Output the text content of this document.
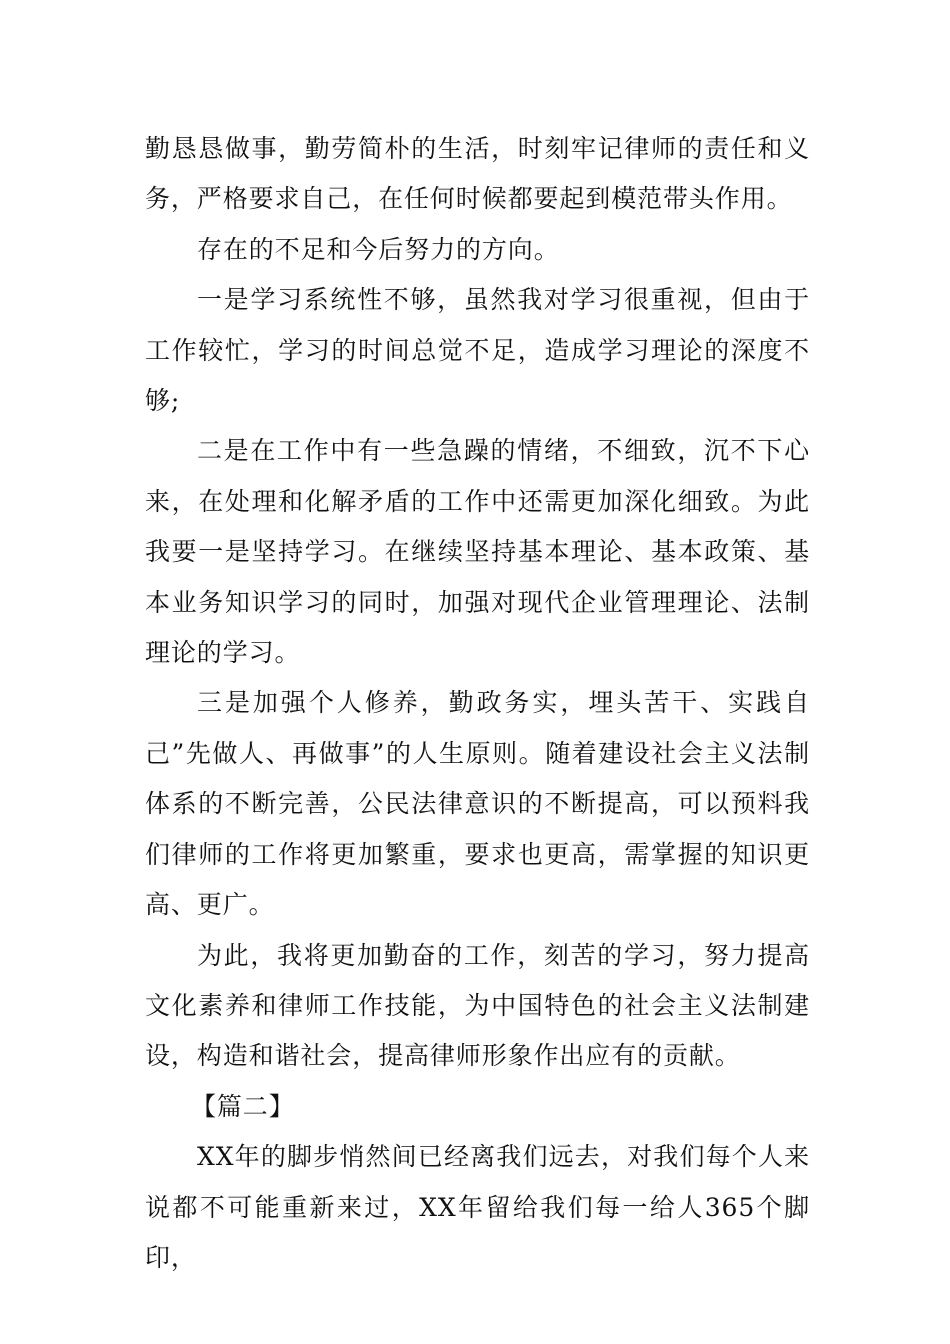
勤恳恳做事，勤劳简朴的生活，时刻牢记律师的责任和义务，严格要求自己，在任何时候都要起到模范带头作用。

存在的不足和今后努力的方向。

一是学习系统性不够，虽然我对学习很重视，但由于工作较忙，学习的时间总觉不足，造成学习理论的深度不够;

二是在工作中有一些急躁的情绪，不细致，沉不下心来，在处理和化解矛盾的工作中还需更加深化细致。为此我要一是坚持学习。在继续坚持基本理论、基本政策、基本业务知识学习的同时，加强对现代企业管理理论、法制理论的学习。

三是加强个人修养，勤政务实，埋头苦干、实践自己”先做人、再做事”的人生原则。随着建设社会主义法制体系的不断完善，公民法律意识的不断提高，可以预料我们律师的工作将更加繁重，要求也更高，需掌握的知识更高、更广。

为此，我将更加勤奋的工作，刻苦的学习，努力提高文化素养和律师工作技能，为中国特色的社会主义法制建设，构造和谐社会，提高律师形象作出应有的贡献。

【篇二】

XX年的脚步悄然间已经离我们远去，对我们每个人来说都不可能重新来过，XX年留给我们每一给人365个脚印，
